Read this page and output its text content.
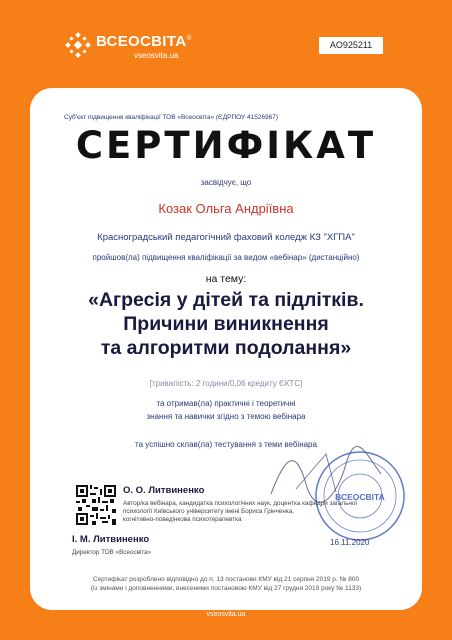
ВСЕОСВІТА®
vseosvita.ua
AO925211
Суб'єкт підвищення кваліфікації ТОВ «Всеосвіта» (ЄДРПОУ 41526967)
СЕРТИФІКАТ
засвідчує, що
Козак Ольга Андріївна
Красноградський педагогічний фаховий коледж КЗ "ХГПА"
пройшов(ла) підвищення кваліфікації за видом «вебінар» (дистанційно)
на тему:
«Агресія у дітей та підлітків.
Причини виникнення
та алгоритми подолання»
[тривалість: 2 години/0,06 кредиту ЄКТС]
та отримав(ла) практичні і теоретичні
знання та навички згідно з темою вебінара
та успішно склав(ла) тестування з теми вебінара
ВСЕОСВІТА
О. О. Литвиненко
Автор/ка вебінара, кандидатка психологічних наук, доцентка кафедри загальної
психології Київського університету імені Бориса Грінченка,
когнітивно-поведінкова психотерапевтка
І. М. Литвиненко
Директор ТОВ «Всеосвіта»
16.11.2020
Сертифікат розроблено відповідно до п. 13 постанови КМУ від 21 серпня 2019 р. № 800
(із змінами і доповненнями, внесеними постановою КМУ від 27 грудня 2019 року № 1133)
vseosvita.ua
